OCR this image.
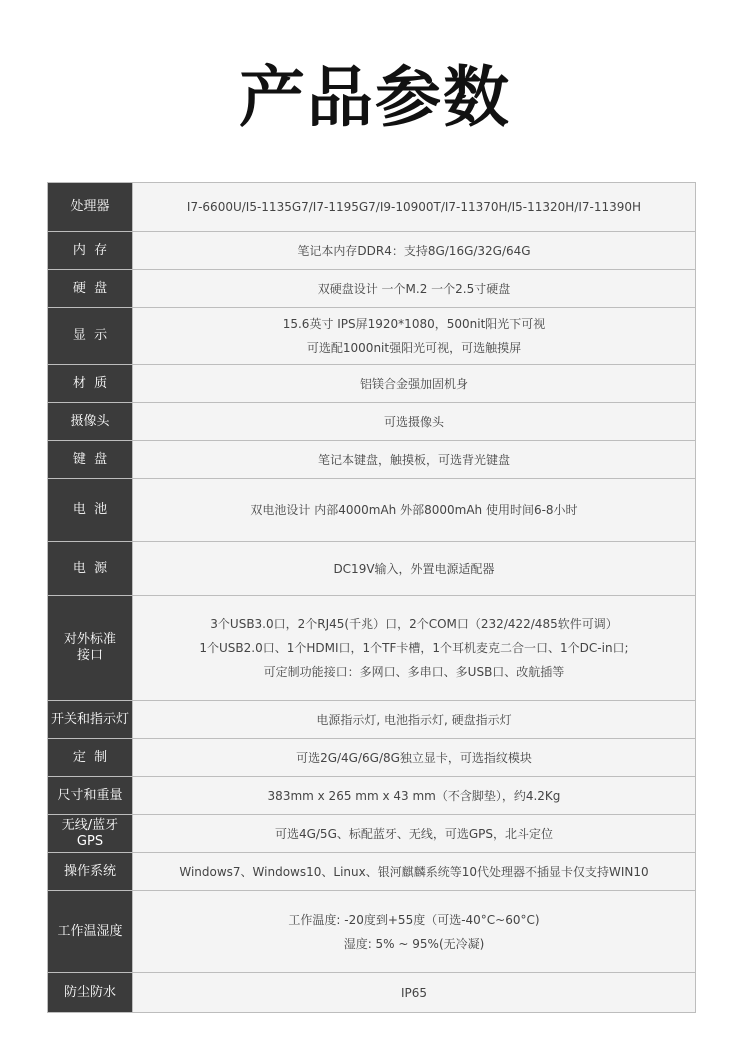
产品参数
处理器	I7-6600U/I5-1135G7/I7-1195G7/I9-10900T/I7-11370H/I5-11320H/I7-11390H

内  存	笔记本内存DDR4：支持8G/16G/32G/64G

硬  盘	双硬盘设计 一个M.2 一个2.5寸硬盘

显  示	15.6英寸 IPS屏1920*1080，500nit阳光下可视
可选配1000nit强阳光可视，可选触摸屏

材  质	铝镁合金强加固机身

摄像头	可选摄像头

键  盘	笔记本键盘，触摸板，可选背光键盘

电  池	双电池设计 内部4000mAh 外部8000mAh 使用时间6-8小时

电  源	DC19V输入，外置电源适配器

对外标准
接口	3个USB3.0口，2个RJ45(千兆）口，2个COM口（232/422/485软件可调）
1个USB2.0口、1个HDMI口，1个TF卡槽，1个耳机麦克二合一口、1个DC-in口;
可定制功能接口：多网口、多串口、多USB口、改航插等

开关和指示灯	电源指示灯, 电池指示灯, 硬盘指示灯

定  制	可选2G/4G/6G/8G独立显卡，可选指纹模块

尺寸和重量	383mm x 265 mm x 43 mm（不含脚垫），约4.2Kg

无线/蓝牙
GPS	可选4G/5G、标配蓝牙、无线，可选GPS，北斗定位

操作系统	Windows7、Windows10、Linux、银河麒麟系统等10代处理器不插显卡仅支持WIN10

工作温湿度	工作温度: -20度到+55度（可选-40°C~60°C)
湿度: 5% ~ 95%(无冷凝)

防尘防水	IP65
